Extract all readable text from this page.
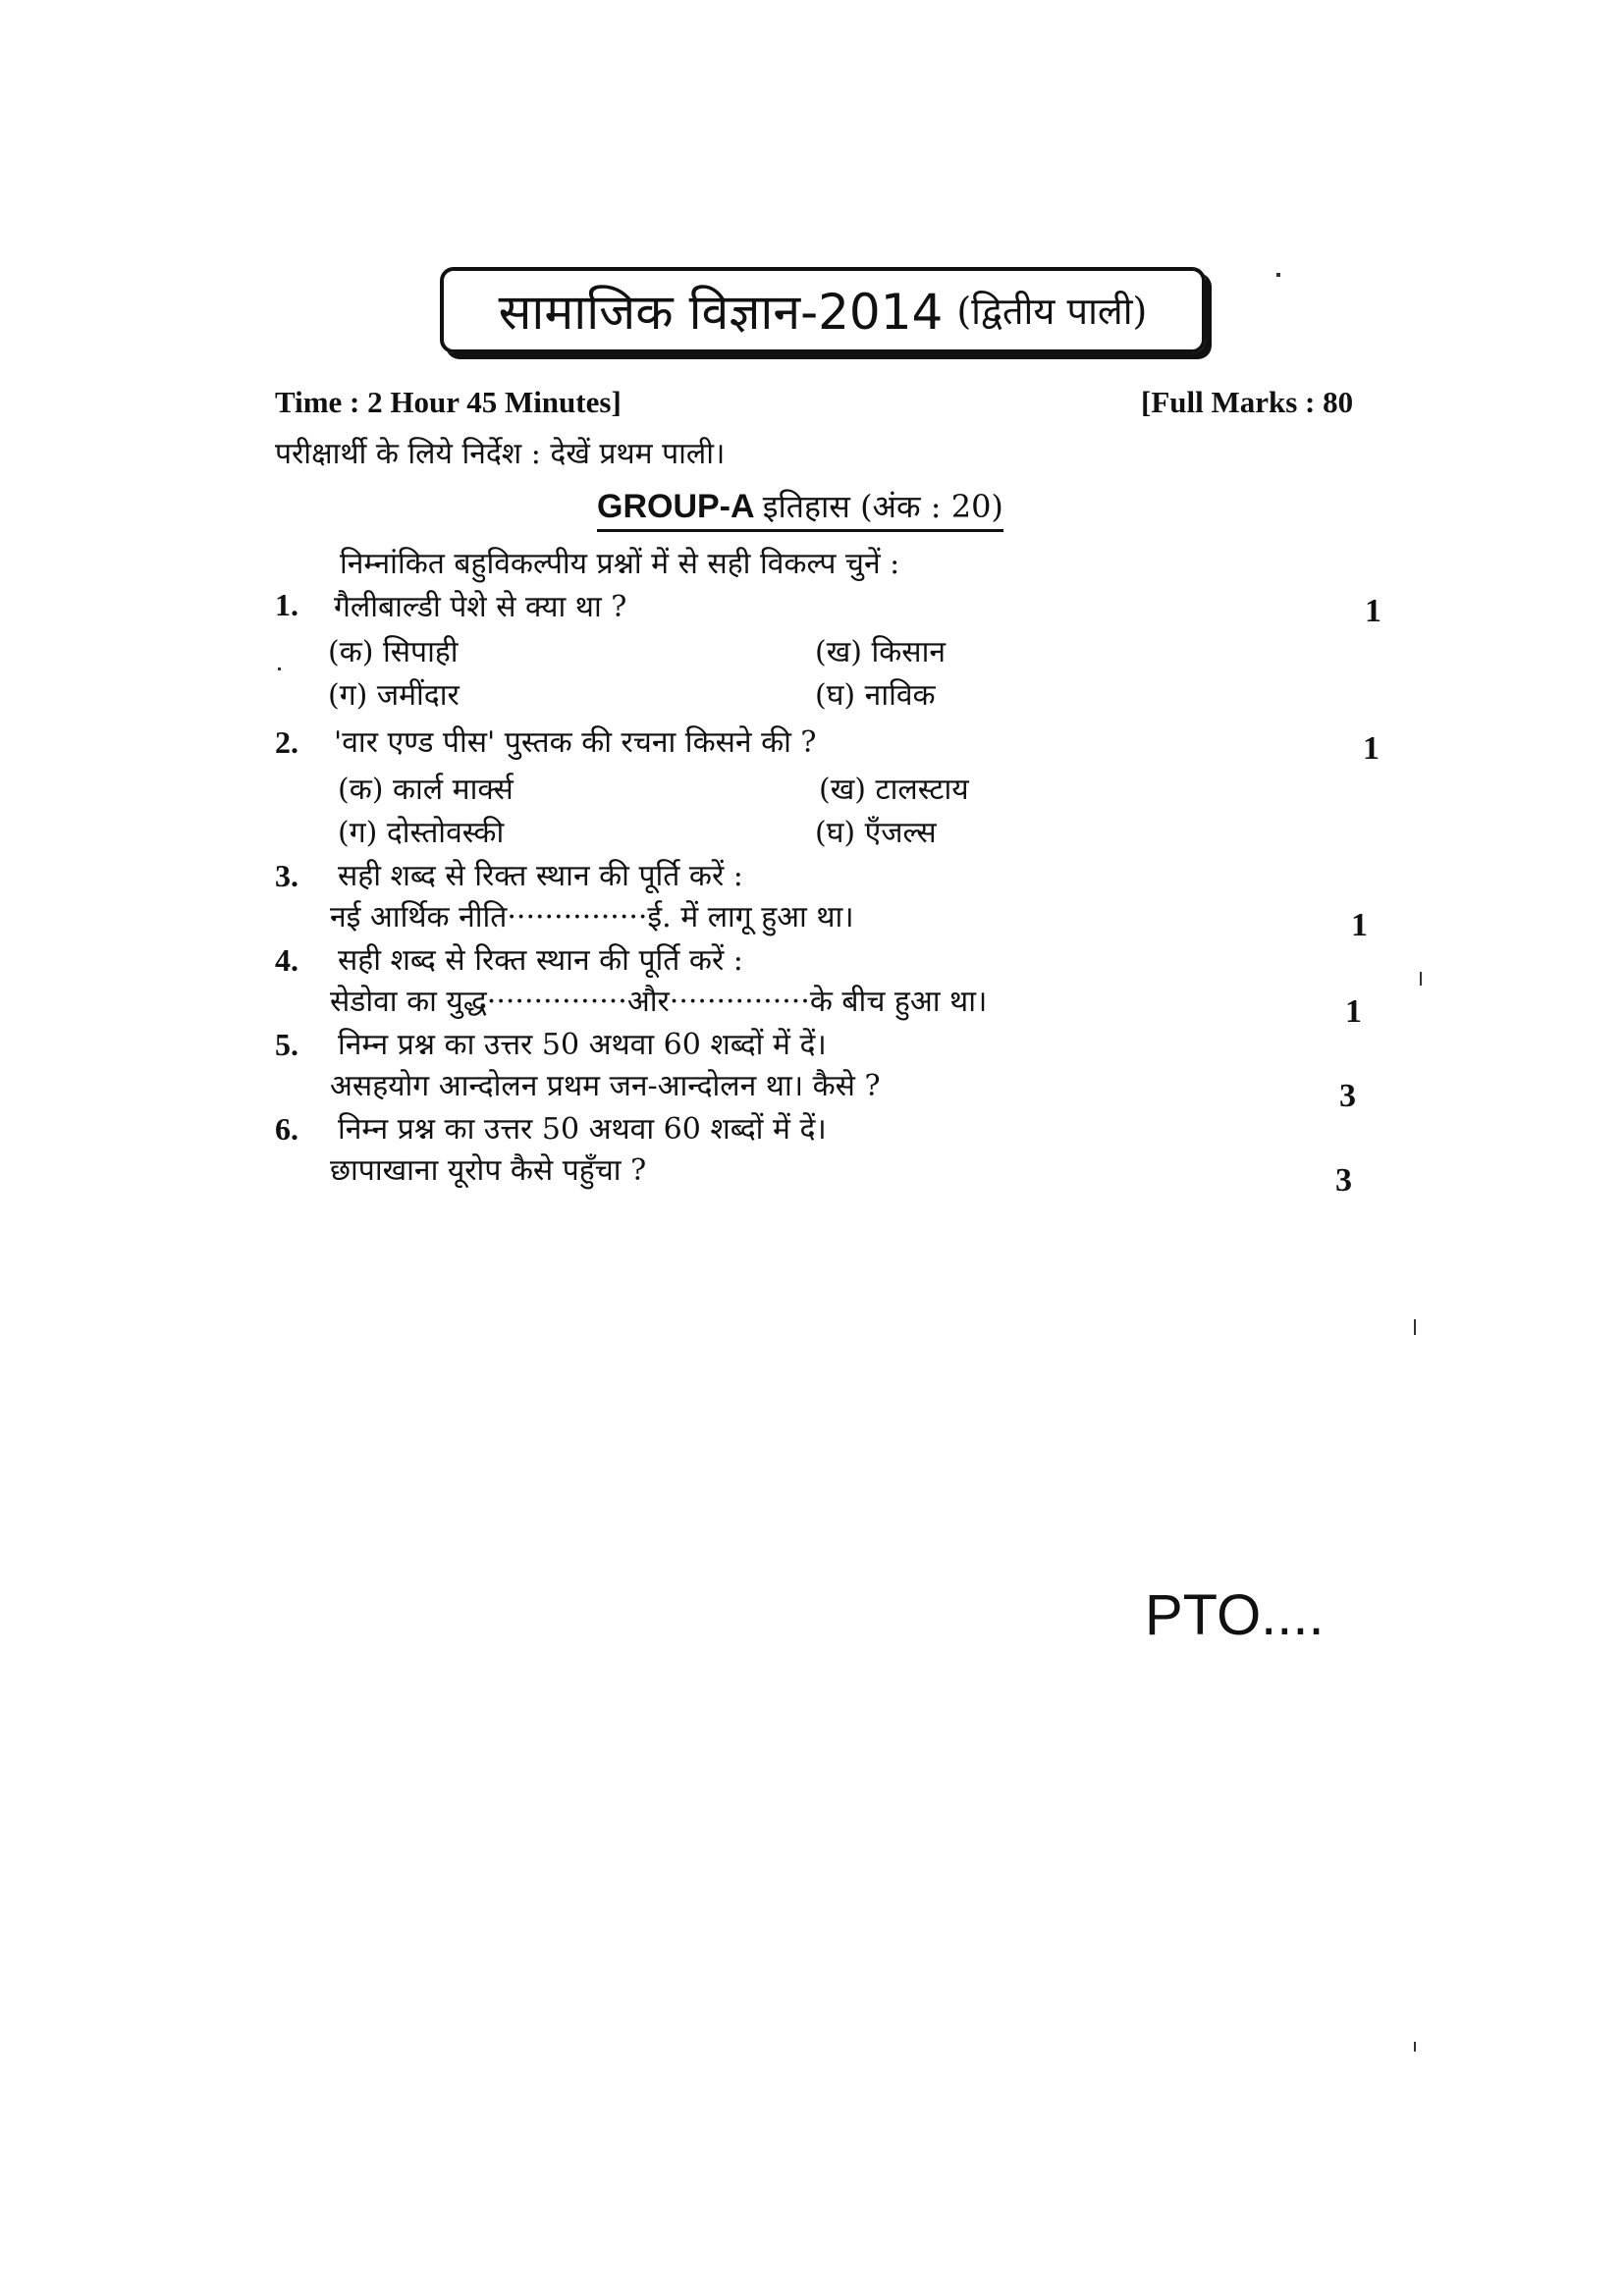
सामाजिक विज्ञान-2014 (द्वितीय पाली)
Time : 2 Hour 45 Minutes]	[Full Marks : 80
परीक्षार्थी के लिये निर्देश : देखें प्रथम पाली।
GROUP-A इतिहास (अंक : 20)
निम्नांकित बहुविकल्पीय प्रश्नों में से सही विकल्प चुनें :
1. गैलीबाल्डी पेशे से क्या था ?	1
(क) सिपाही	(ख) किसान
(ग) जमींदार	(घ) नाविक
2. 'वार एण्ड पीस' पुस्तक की रचना किसने की ?	1
(क) कार्ल मार्क्स	(ख) टालस्टाय
(ग) दोस्तोवस्की	(घ) एँजल्स
3. सही शब्द से रिक्त स्थान की पूर्ति करें :
नई आर्थिक नीति···············ई. में लागू हुआ था।	1
4. सही शब्द से रिक्त स्थान की पूर्ति करें :
सेडोवा का युद्ध···············और···············के बीच हुआ था।	1
5. निम्न प्रश्न का उत्तर 50 अथवा 60 शब्दों में दें।
असहयोग आन्दोलन प्रथम जन-आन्दोलन था। कैसे ?	3
6. निम्न प्रश्न का उत्तर 50 अथवा 60 शब्दों में दें।
छापाखाना यूरोप कैसे पहुँचा ?	3
PTO....
